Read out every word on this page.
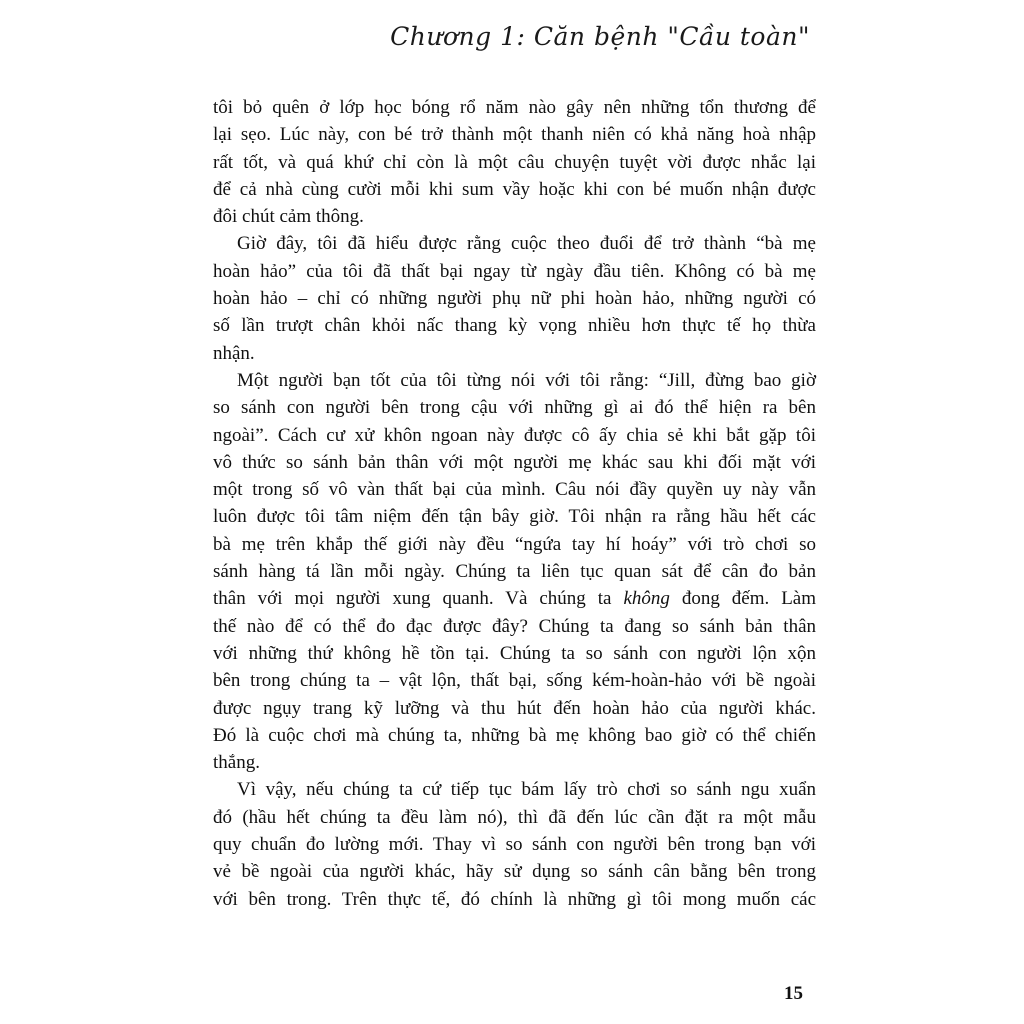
Chương 1: Căn bệnh "Cầu toàn"

tôi bỏ quên ở lớp học bóng rổ năm nào gây nên những tổn thương để
lại sẹo. Lúc này, con bé trở thành một thanh niên có khả năng hoà nhập
rất tốt, và quá khứ chỉ còn là một câu chuyện tuyệt vời được nhắc lại
để cả nhà cùng cười mỗi khi sum vầy hoặc khi con bé muốn nhận được
đôi chút cảm thông.

Giờ đây, tôi đã hiểu được rằng cuộc theo đuổi để trở thành “bà mẹ
hoàn hảo” của tôi đã thất bại ngay từ ngày đầu tiên. Không có bà mẹ
hoàn hảo – chỉ có những người phụ nữ phi hoàn hảo, những người có
số lần trượt chân khỏi nấc thang kỳ vọng nhiều hơn thực tế họ thừa
nhận.

Một người bạn tốt của tôi từng nói với tôi rằng: “Jill, đừng bao giờ
so sánh con người bên trong cậu với những gì ai đó thể hiện ra bên
ngoài”. Cách cư xử khôn ngoan này được cô ấy chia sẻ khi bắt gặp tôi
vô thức so sánh bản thân với một người mẹ khác sau khi đối mặt với
một trong số vô vàn thất bại của mình. Câu nói đầy quyền uy này vẫn
luôn được tôi tâm niệm đến tận bây giờ. Tôi nhận ra rằng hầu hết các
bà mẹ trên khắp thế giới này đều “ngứa tay hí hoáy” với trò chơi so
sánh hàng tá lần mỗi ngày. Chúng ta liên tục quan sát để cân đo bản
thân với mọi người xung quanh. Và chúng ta không đong đếm. Làm
thế nào để có thể đo đạc được đây? Chúng ta đang so sánh bản thân
với những thứ không hề tồn tại. Chúng ta so sánh con người lộn xộn
bên trong chúng ta – vật lộn, thất bại, sống kém-hoàn-hảo với bề ngoài
được ngụy trang kỹ lưỡng và thu hút đến hoàn hảo của người khác.
Đó là cuộc chơi mà chúng ta, những bà mẹ không bao giờ có thể chiến
thắng.

Vì vậy, nếu chúng ta cứ tiếp tục bám lấy trò chơi so sánh ngu xuẩn
đó (hầu hết chúng ta đều làm nó), thì đã đến lúc cần đặt ra một mẫu
quy chuẩn đo lường mới. Thay vì so sánh con người bên trong bạn với
vẻ bề ngoài của người khác, hãy sử dụng so sánh cân bằng bên trong
với bên trong. Trên thực tế, đó chính là những gì tôi mong muốn các

15
